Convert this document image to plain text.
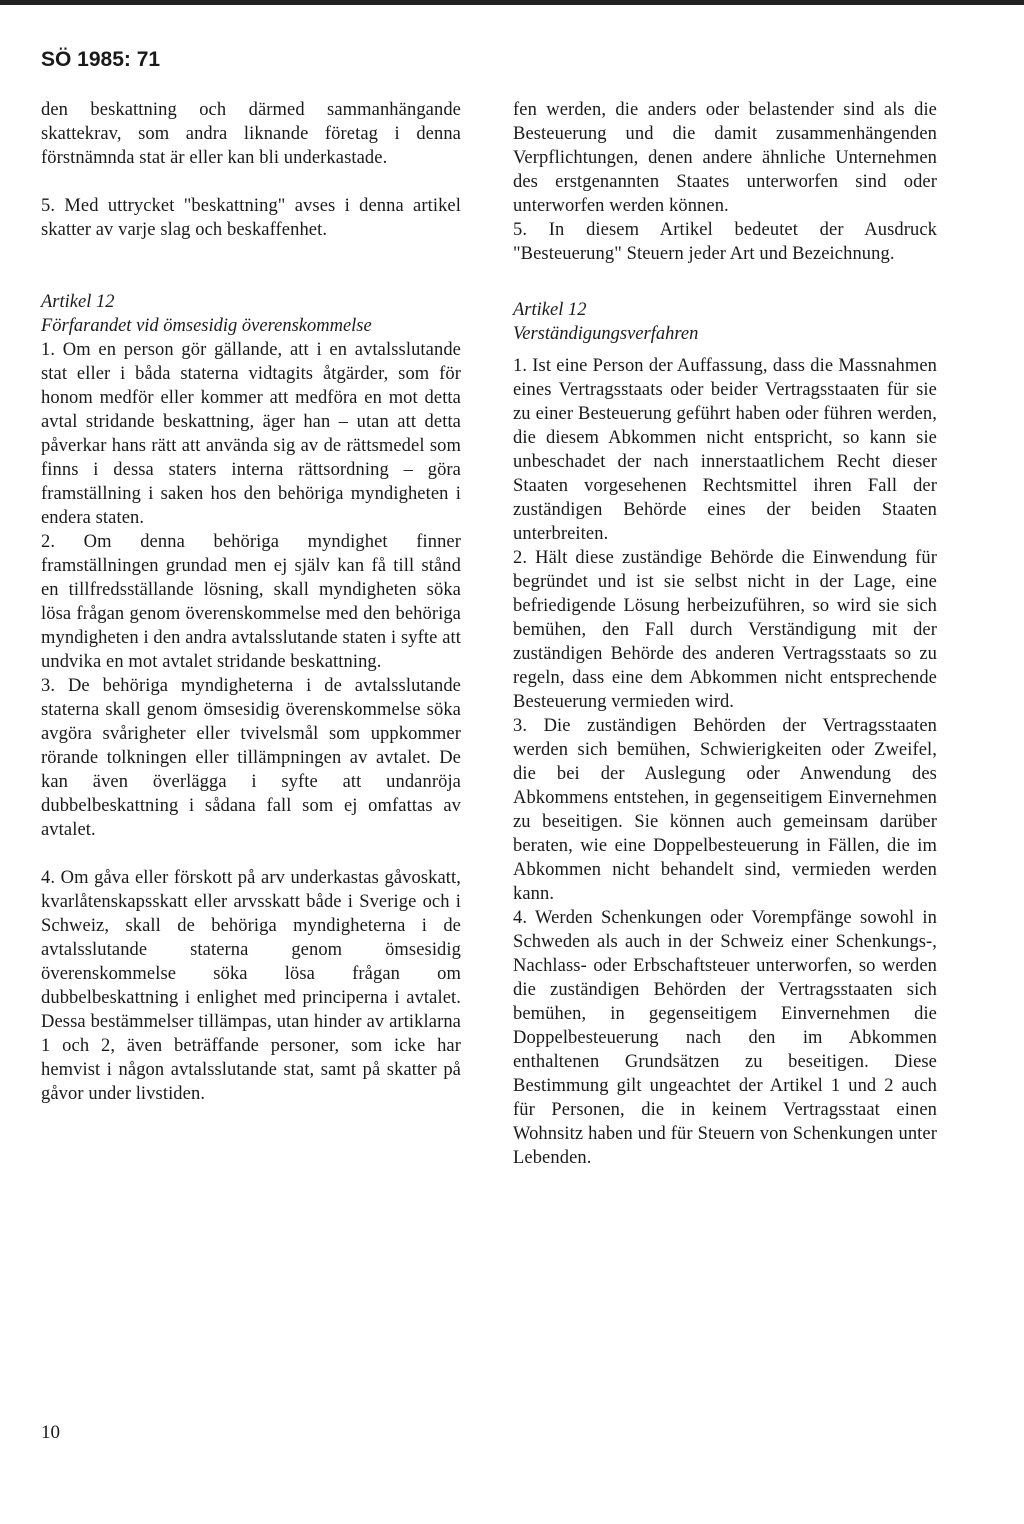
SÖ 1985: 71

den beskattning och därmed sammanhängande skattekrav, som andra liknande företag i denna förstnämnda stat är eller kan bli underkastade.

5. Med uttrycket "beskattning" avses i denna artikel skatter av varje slag och beskaffenhet.

Artikel 12

Förfarandet vid ömsesidig överenskommelse

1. Om en person gör gällande, att i en avtalsslutande stat eller i båda staterna vidtagits åtgärder, som för honom medför eller kommer att medföra en mot detta avtal stridande beskattning, äger han – utan att detta påverkar hans rätt att använda sig av de rättsmedel som finns i dessa staters interna rättsordning – göra framställning i saken hos den behöriga myndigheten i endera staten.

2. Om denna behöriga myndighet finner framställningen grundad men ej själv kan få till stånd en tillfredsställande lösning, skall myndigheten söka lösa frågan genom överenskommelse med den behöriga myndigheten i den andra avtalsslutande staten i syfte att undvika en mot avtalet stridande beskattning.

3. De behöriga myndigheterna i de avtalsslutande staterna skall genom ömsesidig överenskommelse söka avgöra svårigheter eller tvivelsmål som uppkommer rörande tolkningen eller tillämpningen av avtalet. De kan även överlägga i syfte att undanröja dubbelbeskattning i sådana fall som ej omfattas av avtalet.

4. Om gåva eller förskott på arv underkastas gåvoskatt, kvarlåtenskapsskatt eller arvsskatt både i Sverige och i Schweiz, skall de behöriga myndigheterna i de avtalsslutande staterna genom ömsesidig överenskommelse söka lösa frågan om dubbelbeskattning i enlighet med principerna i avtalet. Dessa bestämmelser tillämpas, utan hinder av artiklarna 1 och 2, även beträffande personer, som icke har hemvist i någon avtalsslutande stat, samt på skatter på gåvor under livstiden.

fen werden, die anders oder belastender sind als die Besteuerung und die damit zusammenhängenden Verpflichtungen, denen andere ähnliche Unternehmen des erstgenannten Staates unterworfen sind oder unterworfen werden können.

5. In diesem Artikel bedeutet der Ausdruck "Besteuerung" Steuern jeder Art und Bezeichnung.

Artikel 12

Verständigungsverfahren

1. Ist eine Person der Auffassung, dass die Massnahmen eines Vertragsstaats oder beider Vertragsstaaten für sie zu einer Besteuerung geführt haben oder führen werden, die diesem Abkommen nicht entspricht, so kann sie unbeschadet der nach innerstaatlichem Recht dieser Staaten vorgesehenen Rechtsmittel ihren Fall der zuständigen Behörde eines der beiden Staaten unterbreiten.

2. Hält diese zuständige Behörde die Einwendung für begründet und ist sie selbst nicht in der Lage, eine befriedigende Lösung herbeizuführen, so wird sie sich bemühen, den Fall durch Verständigung mit der zuständigen Behörde des anderen Vertragsstaats so zu regeln, dass eine dem Abkommen nicht entsprechende Besteuerung vermieden wird.

3. Die zuständigen Behörden der Vertragsstaaten werden sich bemühen, Schwierigkeiten oder Zweifel, die bei der Auslegung oder Anwendung des Abkommens entstehen, in gegenseitigem Einvernehmen zu beseitigen. Sie können auch gemeinsam darüber beraten, wie eine Doppelbesteuerung in Fällen, die im Abkommen nicht behandelt sind, vermieden werden kann.

4. Werden Schenkungen oder Vorempfänge sowohl in Schweden als auch in der Schweiz einer Schenkungs-, Nachlass- oder Erbschaftsteuer unterworfen, so werden die zuständigen Behörden der Vertragsstaaten sich bemühen, in gegenseitigem Einvernehmen die Doppelbesteuerung nach den im Abkommen enthaltenen Grundsätzen zu beseitigen. Diese Bestimmung gilt ungeachtet der Artikel 1 und 2 auch für Personen, die in keinem Vertragsstaat einen Wohnsitz haben und für Steuern von Schenkungen unter Lebenden.

10
